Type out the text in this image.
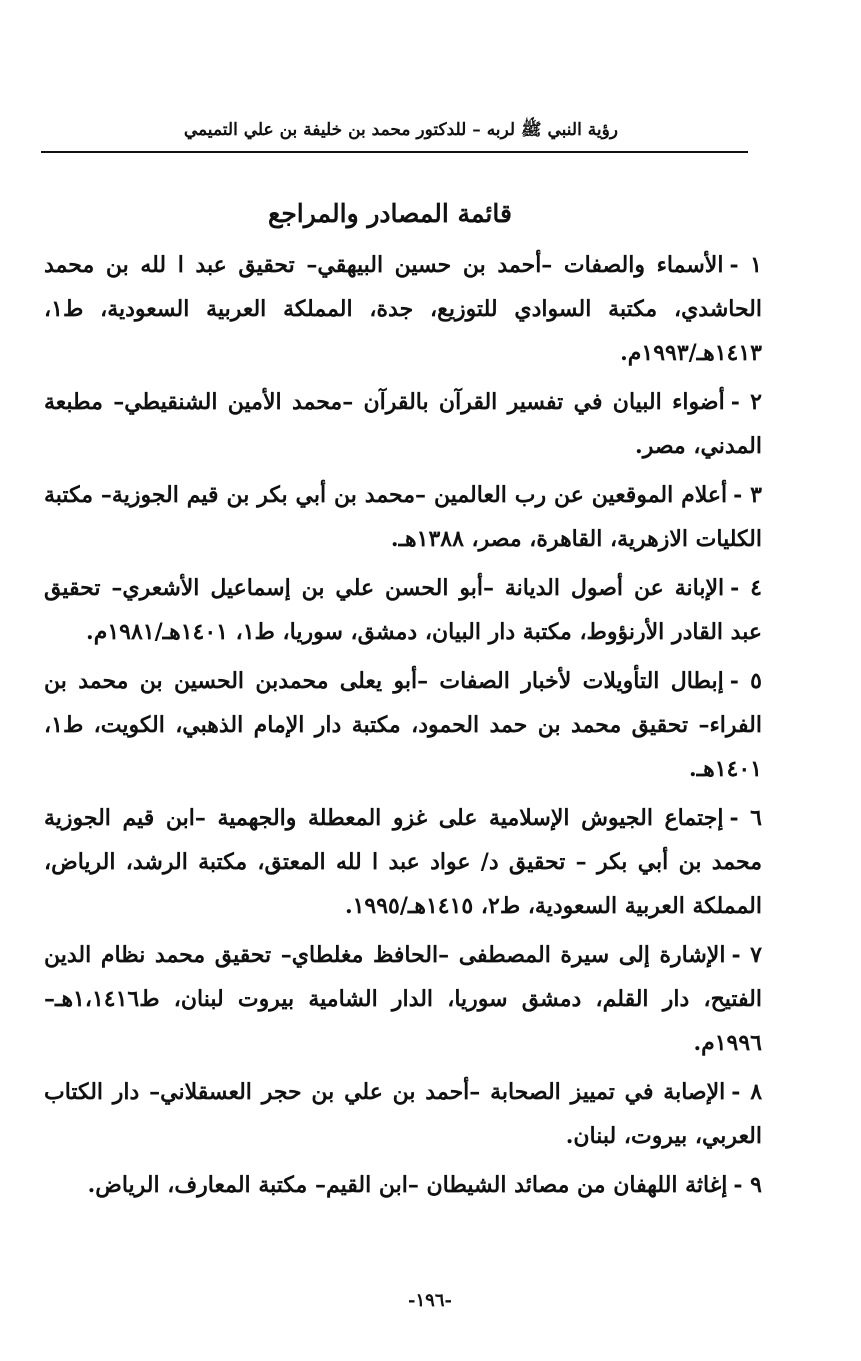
رؤية النبي ﷺ لربه – للدكتور محمد بن خليفة بن علي التميمي
قائمة المصادر والمراجع
١ -الأسماء والصفات –أحمد بن حسين البيهقي– تحقيق عبد ا لله بن محمد الحاشدي، مكتبة السوادي للتوزيع، جدة، المملكة العربية السعودية، ط١، ١٤١٣هـ/١٩٩٣م.
٢ -أضواء البيان في تفسير القرآن بالقرآن –محمد الأمين الشنقيطي– مطبعة المدني، مصر.
٣ -أعلام الموقعين عن رب العالمين –محمد بن أبي بكر بن قيم الجوزية– مكتبة الكليات الازهرية، القاهرة، مصر، ١٣٨٨هـ.
٤ -الإبانة عن أصول الديانة –أبو الحسن علي بن إسماعيل الأشعري– تحقيق عبد القادر الأرنؤوط، مكتبة دار البيان، دمشق، سوريا، ط١، ١٤٠١هـ/١٩٨١م.
٥ -إبطال التأويلات لأخبار الصفات –أبو يعلى محمدبن الحسين بن محمد بن الفراء– تحقيق محمد بن حمد الحمود، مكتبة دار الإمام الذهبي، الكويت، ط١، ١٤٠١هـ.
٦ -إجتماع الجيوش الإسلامية على غزو المعطلة والجهمية –ابن قيم الجوزية محمد بن أبي بكر – تحقيق د/ عواد عبد ا لله المعتق، مكتبة الرشد، الرياض، المملكة العربية السعودية، ط٢، ١٤١٥هـ/١٩٩٥.
٧ -الإشارة إلى سيرة المصطفى –الحافظ مغلطاي– تحقيق محمد نظام الدين الفتيح، دار القلم، دمشق سوريا، الدار الشامية بيروت لبنان، ط١،١٤١٦هـ–١٩٩٦م.
٨ -الإصابة في تمييز الصحابة –أحمد بن علي بن حجر العسقلاني– دار الكتاب العربي، بيروت، لبنان.
٩ -إغاثة اللهفان من مصائد الشيطان –ابن القيم– مكتبة المعارف، الرياض.
-١٩٦-
